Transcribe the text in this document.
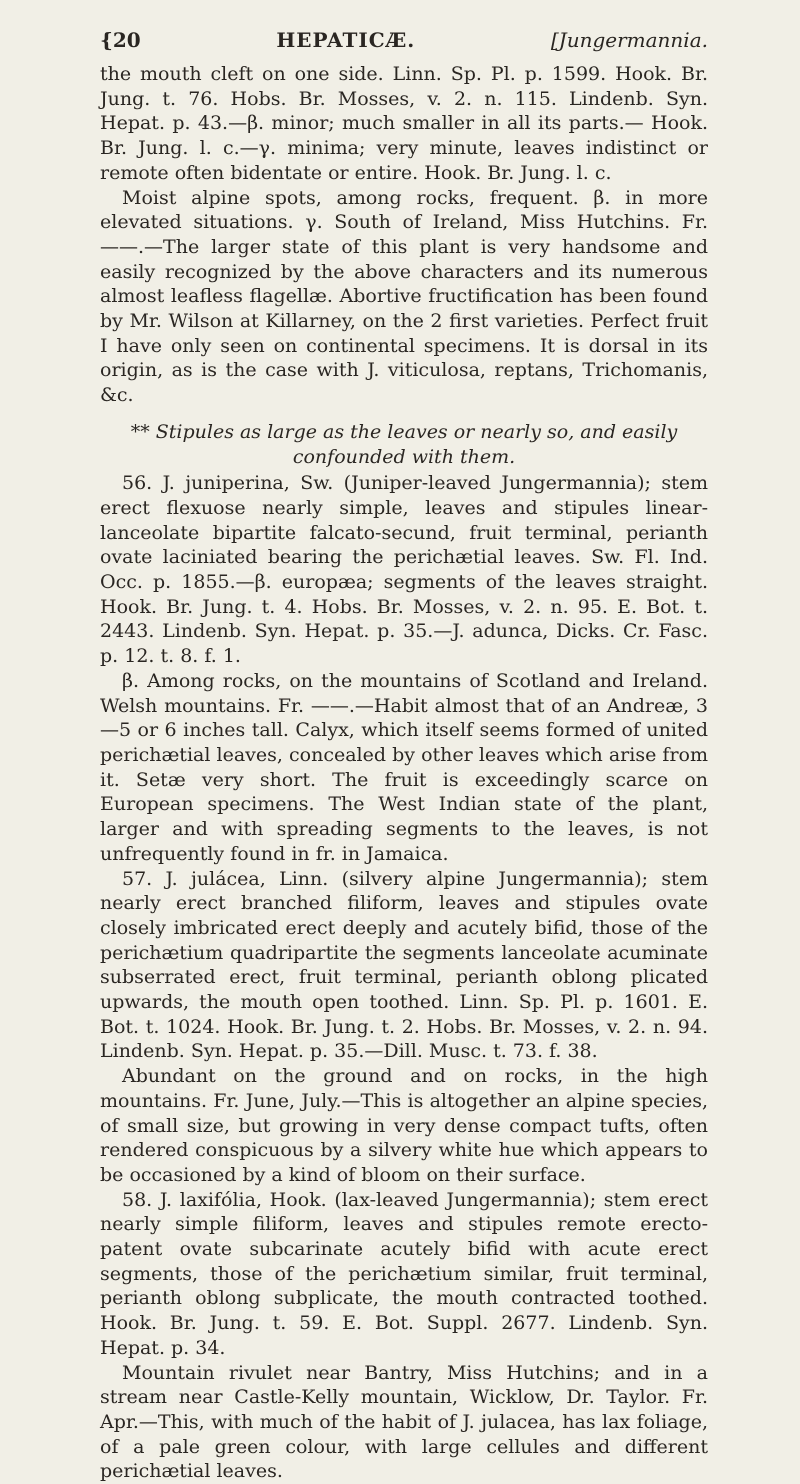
{20	HEPATICÆ.	[Jungermannia.

the mouth cleft on one side. Linn. Sp. Pl. p. 1599. Hook. Br. Jung. t. 76. Hobs. Br. Mosses, v. 2. n. 115. Lindenb. Syn. Hepat. p. 43.—β. minor; much smaller in all its parts.— Hook. Br. Jung. l. c.—γ. minima; very minute, leaves indistinct or remote often bidentate or entire. Hook. Br. Jung. l. c.

Moist alpine spots, among rocks, frequent. β. in more elevated situations. γ. South of Ireland, Miss Hutchins. Fr. ——.—The larger state of this plant is very handsome and easily recognized by the above characters and its numerous almost leafless flagellæ. Abortive fructification has been found by Mr. Wilson at Killarney, on the 2 first varieties. Perfect fruit I have only seen on continental specimens. It is dorsal in its origin, as is the case with J. viticulosa, reptans, Trichomanis, &c.

** Stipules as large as the leaves or nearly so, and easily confounded with them.

56. J. juniperina, Sw. (Juniper-leaved Jungermannia); stem erect flexuose nearly simple, leaves and stipules linear-lanceolate bipartite falcato-secund, fruit terminal, perianth ovate laciniated bearing the perichætial leaves. Sw. Fl. Ind. Occ. p. 1855.—β. europæa; segments of the leaves straight. Hook. Br. Jung. t. 4. Hobs. Br. Mosses, v. 2. n. 95. E. Bot. t. 2443. Lindenb. Syn. Hepat. p. 35.—J. adunca, Dicks. Cr. Fasc. p. 12. t. 8. f. 1.

β. Among rocks, on the mountains of Scotland and Ireland. Welsh mountains. Fr. ——.—Habit almost that of an Andreæ, 3—5 or 6 inches tall. Calyx, which itself seems formed of united perichætial leaves, concealed by other leaves which arise from it. Setæ very short. The fruit is exceedingly scarce on European specimens. The West Indian state of the plant, larger and with spreading segments to the leaves, is not unfrequently found in fr. in Jamaica.

57. J. julácea, Linn. (silvery alpine Jungermannia); stem nearly erect branched filiform, leaves and stipules ovate closely imbricated erect deeply and acutely bifid, those of the perichætium quadripartite the segments lanceolate acuminate subserrated erect, fruit terminal, perianth oblong plicated upwards, the mouth open toothed. Linn. Sp. Pl. p. 1601. E. Bot. t. 1024. Hook. Br. Jung. t. 2. Hobs. Br. Mosses, v. 2. n. 94. Lindenb. Syn. Hepat. p. 35.—Dill. Musc. t. 73. f. 38.

Abundant on the ground and on rocks, in the high mountains. Fr. June, July.—This is altogether an alpine species, of small size, but growing in very dense compact tufts, often rendered conspicuous by a silvery white hue which appears to be occasioned by a kind of bloom on their surface.

58. J. laxifólia, Hook. (lax-leaved Jungermannia); stem erect nearly simple filiform, leaves and stipules remote erecto-patent ovate subcarinate acutely bifid with acute erect segments, those of the perichætium similar, fruit terminal, perianth oblong subplicate, the mouth contracted toothed. Hook. Br. Jung. t. 59. E. Bot. Suppl. 2677. Lindenb. Syn. Hepat. p. 34.

Mountain rivulet near Bantry, Miss Hutchins; and in a stream near Castle-Kelly mountain, Wicklow, Dr. Taylor. Fr. Apr.—This, with much of the habit of J. julacea, has lax foliage, of a pale green colour, with large cellules and different perichætial leaves.
